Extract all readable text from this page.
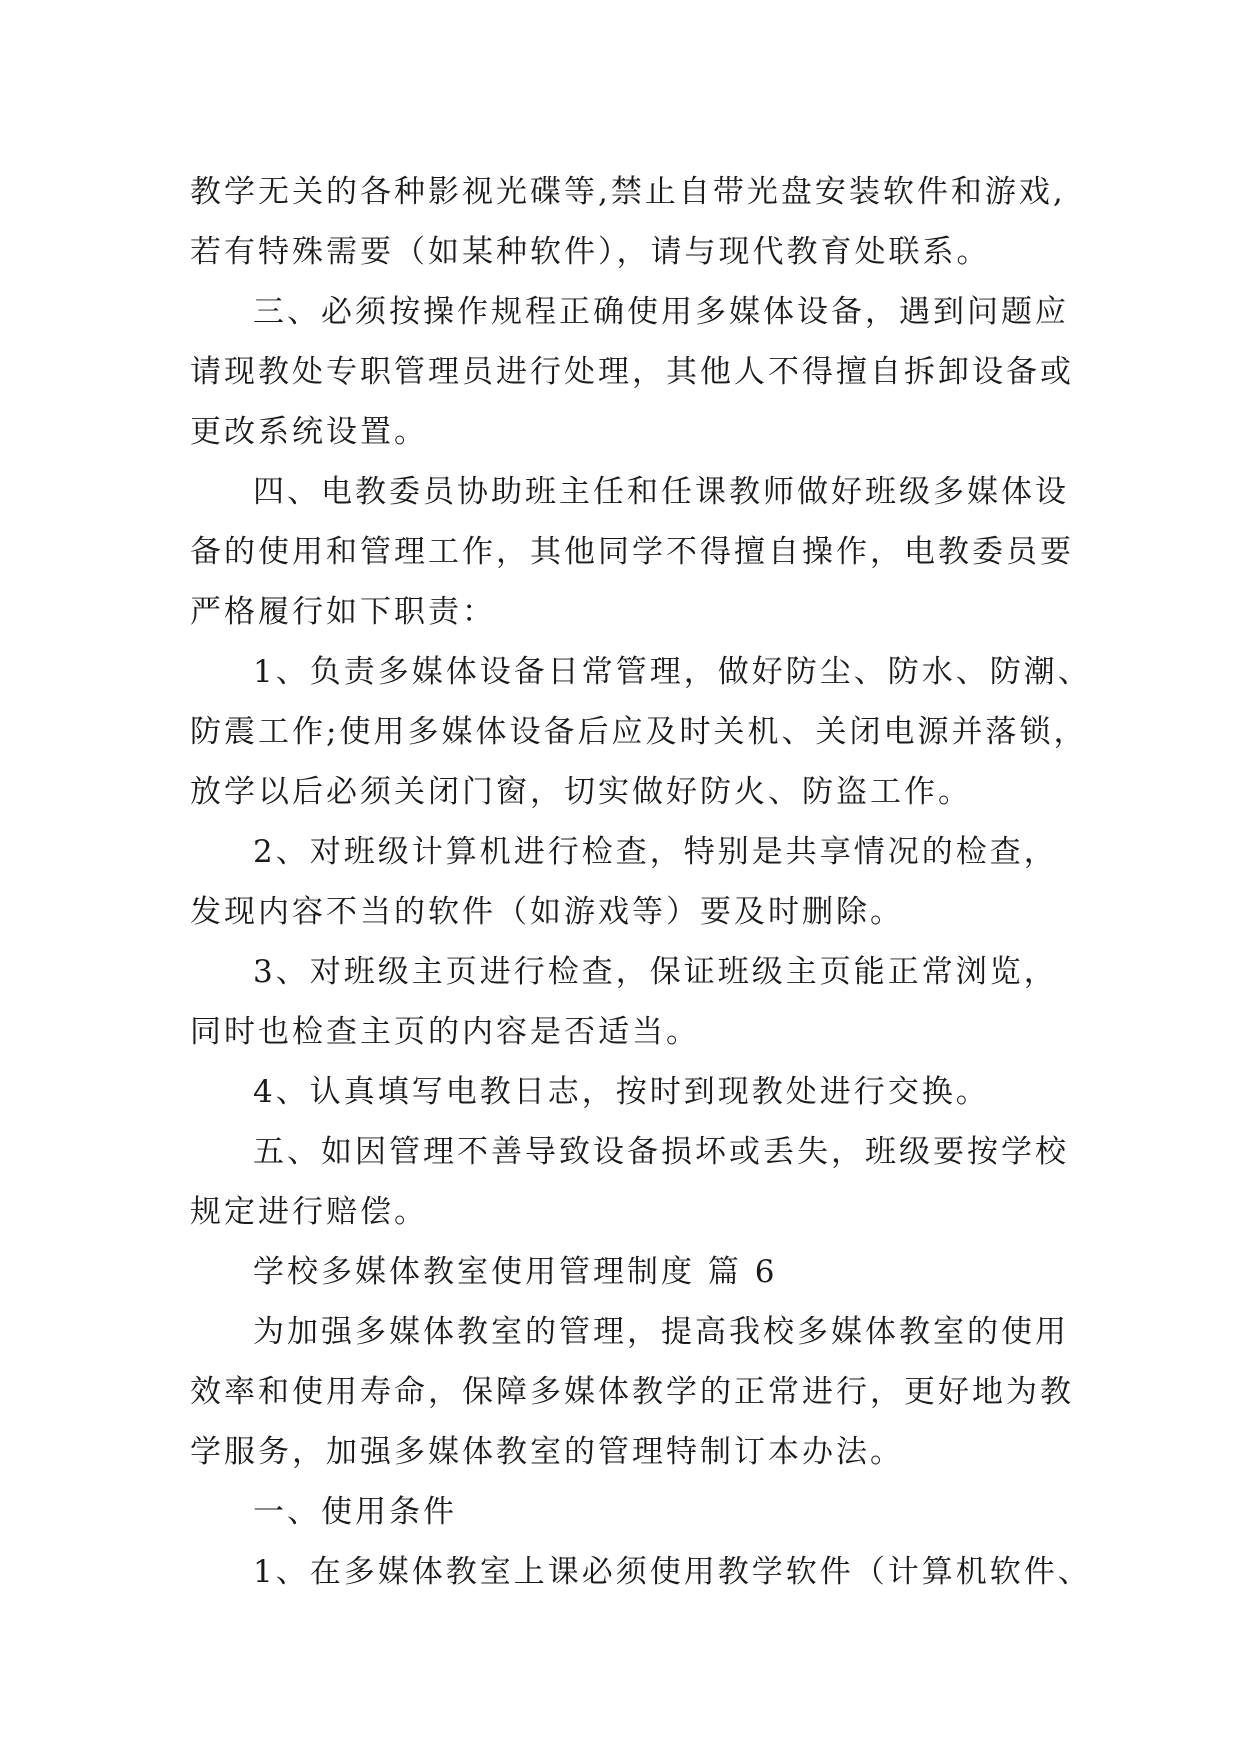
教学无关的各种影视光碟等,禁止自带光盘安装软件和游戏,
若有特殊需要（如某种软件），请与现代教育处联系。
三、必须按操作规程正确使用多媒体设备，遇到问题应
请现教处专职管理员进行处理，其他人不得擅自拆卸设备或
更改系统设置。
四、电教委员协助班主任和任课教师做好班级多媒体设
备的使用和管理工作，其他同学不得擅自操作，电教委员要
严格履行如下职责：
1、负责多媒体设备日常管理，做好防尘、防水、防潮、
防震工作;使用多媒体设备后应及时关机、关闭电源并落锁，
放学以后必须关闭门窗，切实做好防火、防盗工作。
2、对班级计算机进行检查，特别是共享情况的检查，
发现内容不当的软件（如游戏等）要及时删除。
3、对班级主页进行检查，保证班级主页能正常浏览，
同时也检查主页的内容是否适当。
4、认真填写电教日志，按时到现教处进行交换。
五、如因管理不善导致设备损坏或丢失，班级要按学校
规定进行赔偿。
学校多媒体教室使用管理制度 篇 6
为加强多媒体教室的管理，提高我校多媒体教室的使用
效率和使用寿命，保障多媒体教学的正常进行，更好地为教
学服务，加强多媒体教室的管理特制订本办法。
一、使用条件
1、在多媒体教室上课必须使用教学软件（计算机软件、
